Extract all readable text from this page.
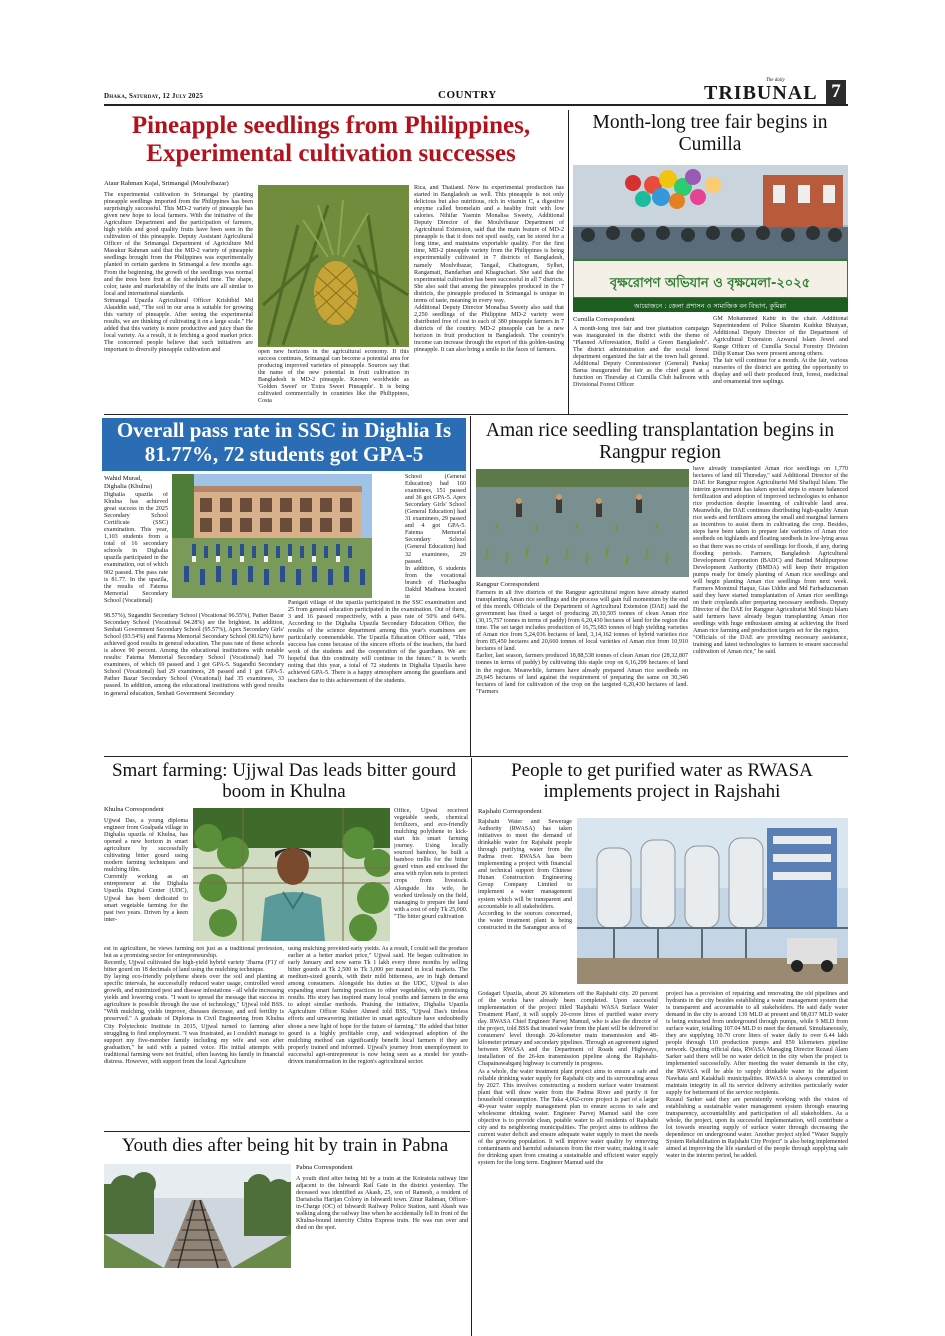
Dhaka, Saturday, 12 July 2025	COUNTRY
The daily
TRIBUNAL 7
Pineapple seedlings from Philippines, Experimental cultivation successes
Ataur Rahman Kajal, Srimangal (Moulvibazar)
The experimental cultivation in Srimangal by planting pineapple seedlings imported from the Philippines has been surprisingly successful. This MD-2 variety of pineapple has given new hope to local farmers. With the initiative of the Agriculture Department and the participation of farmers, high yields and good quality fruits have been seen in the cultivation of this pineapple. Deputy Assistant Agricultural Officer of the Srimangal Department of Agriculture Md Masukur Rahman said that the MD-2 variety of pineapple seedlings brought from the Philippines was experimentally planted in certain gardens in Srimangal a few months ago. From the beginning, the growth of the seedlings was normal and the trees bore fruit at the scheduled time. The shape, color, taste and marketability of the fruits are all similar to local and international standards.
Srimangal Upazila Agricultural Officer Krishibid Md Alauddin said, "The soil in our area is suitable for growing this variety of pineapple. After seeing the experimental results, we are thinking of cultivating it on a large scale." He added that this variety is more productive and juicy than the local variety. As a result, it is fetching a good market price. The concerned people believe that such initiatives are important to diversify pineapple cultivation and	open new horizons in the agricultural economy. If this success continues, Srimangal can become a potential area for producing improved varieties of pineapple. Sources say that the name of the new potential in fruit cultivation in Bangladesh is MD-2 pineapple. Known worldwide as 'Golden Sweet' or 'Extra Sweet Pineapple'. It is being cultivated commercially in countries like the Philippines, Costa
Rica, and Thailand. Now its experimental production has started in Bangladesh as well. This pineapple is not only delicious but also nutritious, rich in vitamin C, a digestive enzyme called bromelain and a healthy fruit with low calories. Nihifar Yasmin Monalisa Sweety, Additional Deputy Director of the Moulvibazar Department of Agricultural Extension, said that the main feature of MD-2 pineapple is that it does not spoil easily, can be stored for a long time, and maintains exportable quality. For the first time, MD-2 pineapple variety from the Philippines is being experimentally cultivated in 7 districts of Bangladesh, namely Moulvibazar, Tangail, Chattogram, Sylhet, Rangamati, Bandarban and Khagrachari. She said that the experimental cultivation has been successful in all 7 districts. She also said that among the pineapples produced in the 7 districts, the pineapple produced in Srimangal is unique in terms of taste, meaning in every way.
Additional Deputy Director Monalisa Sweety also said that 2,250 seedlings of the Philippine MD-2 variety were distributed free of cost to each of 380 pineapple farmers in 7 districts of the country. MD-2 pineapple can be a new horizon in fruit production in Bangladesh. The country's income can increase through the export of this golden-tasting pineapple. It can also bring a smile to the faces of farmers.
Month-long tree fair begins in Cumilla
বৃক্ষরোপণ অভিযান ও বৃক্ষমেলা-২০২৫
আয়োজনে : জেলা প্রশাসন ও সামাজিক বন বিভাগ, কুমিল্লা
Cumilla Correspondent
A month-long tree fair and tree plantation campaign was inaugurated in the district with the theme of "Planned Afforestation, Build a Green Bangladesh". The district administration and the social forest department organized the fair at the town hall ground. Additional Deputy Commissioner (General) Pankaj Barua inaugurated the fair as the chief guest at a function on Thursday at Cumilla Club hallroom with Divisional Forest Officer
GM Mohammed Kabir in the chair. Additional Superintendent of Police Shamim Kudduz Bhuiyan, Additional Deputy Director of the Department of Agricultural Extension Azwarul Islam Jewel and Range Officer of Cumilla Social Forestry Division Dilip Kumar Das were present among others.
The fair will continue for a month. At the fair, various nurseries of the district are getting the opportunity to display and sell their produced fruit, forest, medicinal and ornamental tree saplings.
Overall pass rate in SSC in Dighlia Is 81.77%, 72 students got GPA-5
Wahid Murad, Dighalia (Khulna)
Dighalia upazila of Khulna has achieved great success in the 2025 Secondary School Certificate (SSC) examination. This year, 1,103 students from a total of 16 secondary schools in Dighalia upazila participated in the examination, out of which 902 passed. The pass rate is 81.77. In the upazila, the results of Fatema Memorial Secondary School (Vocational)
School (General Education) had 160 examinees, 151 passed and 36 got GPA-5. Apex Secondary Girls' School (General Education) had 31 examinees, 29 passed and 4 got GPA-5. Fatema Memorial Secondary School (General Education) had 32 examinees, 29 passed.
In addition, 6 students from the vocational branch of Hazbaagha Dakhil Madrasa located in
98.57%), Sugandhi Secondary School (Vocational 96.55%), Pather Bazar Secondary School (Vocational 94.28%) are the brightest. In addition, Senhati Government Secondary School (95.57%), Apex Secondary Girls' School (93.54%) and Fatema Memorial Secondary School (90.62%) have achieved good results in general education. The pass rate of these schools is above 90 percent. Among the educational institutions with notable results: Fatema Memorial Secondary School (Vocational) had 70 examinees, of which 69 passed and 1 got GPA-5. Sugandhi Secondary School (Vocational) had 29 examinees, 28 passed and 1 got GPA-5. Pather Bazar Secondary School (Vocational) had 35 examinees, 33 passed. In addition, among the educational institutions with good results in general education, Senhati Government Secondary
Panigati village of the upazila participated in the SSC examination and 25 from general education participated in the examination. Out of them, 3 and 16 passed respectively, with a pass rate of 50% and 64%. According to the Dighalia Upazila Secondary Education Office, the results of the science department among this year's examinees are particularly commendable. The Upazila Education Officer said, "This success has come because of the sincere efforts of the teachers, the hard work of the students and the cooperation of the guardians. We are hopeful that this continuity will continue in the future." It is worth noting that this year, a total of 72 students in Dighalia Upazila have achieved GPA-5. There is a happy atmosphere among the guardians and teachers due to this achievement of the students.
Aman rice seedling transplantation begins in Rangpur region
Rangpur Correspondent
Farmers in all five districts of the Rangpur agricultural region have already started transplanting Aman rice seedlings and the process will gain full momentum by the end of this month. Officials of the Department of Agricultural Extension (DAE) said the government has fixed a target of producing 20,10,505 tonnes of clean Aman rice (30,15,757 tonnes in terms of paddy) from 6,20,430 hectares of land for the region this time. The set target includes production of 16,75,683 tonnes of high yielding varieties of Aman rice from 5,24,036 hectares of land, 3,14,162 tonnes of hybrid varieties rice from 85,450 hectares and 20,660 tonnes of local varieties of Aman rice from 10,910 hectares of land.
Earlier, last season, farmers produced 18,88,538 tonnes of clean Aman rice (28,32,807 tonnes in terms of paddy) by cultivating this staple crop on 6,16,299 hectares of land in the region. Meanwhile, farmers have already prepared Aman rice seedbeds on 29,645 hectares of land against the requirement of preparing the same on 30,346 hectares of land for cultivation of the crop on the targeted 6,20,430 hectares of land. "Farmers
have already transplanted Aman rice seedlings on 1,770 hectares of land till Thursday," said Additional Director of the DAE for Rangpur region Agriculturist Md Shafiqul Islam. The interim government has taken special steps to ensure balanced fertilization and adoption of improved technologies to enhance rice production despite lessening of cultivable land area. Meanwhile, the DAE continues distributing high-quality Aman rice seeds and fertilizers among the small and marginal farmers as incentives to assist them in cultivating the crop. Besides, steps have been taken to prepare late varieties of Aman rice seedbeds on highlands and floating seedbeds in low-lying areas so that there was no crisis of seedlings for floods, if any, during flooding periods. Farmers, Bangladesh Agricultural Development Corporation (BADC) and Barind Multipurpose Development Authority (BMDA) will keep their irrigation pumps ready for timely planting of Aman rice seedlings and will begin planting Aman rice seedlings from next week. Farmers Mominul Haque, Gias Uddin and Md Farhaduzzaman said they have started transplantation of Aman rice seedlings on their croplands after preparing necessary seedbeds. Deputy Director of the DAE for Rangpur Agriculturist Md Siraju Islam said farmers have already begun transplanting Aman rice seedlings with huge enthusiasm aiming at achieving the fixed Aman rice farming and production targets set for the region.
"Officials of the DAE are providing necessary assistance, training and latest technologies to farmers to ensure successful cultivation of Aman rice," he said.
Smart farming: Ujjwal Das leads bitter gourd boom in Khulna
Khulna Correspondent
Ujjwal Das, a young diploma engineer from Goalpada village in Dighalia upazila of Khulna, has opened a new horizon in smart agriculture by successfully cultivating bitter gourd using modern farming techniques and mulching film.
Currently working as an entrepreneur at the Dighalia Upazila Digital Center (UDC), Ujjwal has been dedicated to smart vegetable farming for the past two years. Driven by a keen inter-
Office, Ujjwal received vegetable seeds, chemical fertilizers, and eco-friendly mulching polythene to kick-start his smart farming journey. Using locally sourced bamboo, he built a bamboo trellis for the bitter gourd vines and enclosed the area with nylon nets to protect crops from livestock. Alongside his wife, he worked tirelessly on the field, managing to prepare the land with a cost of only Tk 25,000.
"The bitter gourd cultivation
est in agriculture, he views farming not just as a traditional profession, but as a promising sector for entrepreneurship.
Recently, Ujjwal cultivated the high-yield hybrid variety 'Jharna (F1)' of bitter gourd on 18 decimals of land using the mulching technique.
By laying eco-friendly polythene sheets over the soil and planting at specific intervals, he successfully reduced water usage, controlled weed growth, and minimized pest and disease infestations - all while increasing yields and lowering costs. "I want to spread the message that success in agriculture is possible through the use of technology," Ujjwal told BSS. "With mulching, yields improve, diseases decrease, and soil fertility is preserved." A graduate of Diploma in Civil Engineering from Khulna City Polytechnic Institute in 2015, Ujjwal turned to farming after struggling to find employment. "I was frustrated, as I couldn't manage to support my five-member family including my wife and son after graduation," he said with a pained voice. His initial attempts with traditional farming were not fruitful, often leaving his family in financial distress. However, with support from the local Agriculture
using mulching provided early yields. As a result, I could sell the produce earlier at a better market price," Ujjwal said. He began cultivation in early January and now earns Tk 1 lakh every three months by selling bitter gourds at Tk 2,500 to Tk 3,000 per maund in local markets. The medium-sized gourds, with their mild bitterness, are in high demand among consumers. Alongside his duties at the UDC, Ujjwal is also expanding smart farming practices to other vegetables, with promising results. His story has inspired many local youths and farmers in the area to adopt similar methods. Praising the initiative, Dighalia Upazila Agriculture Officer Kishor Ahmed told BSS, "Ujjwal Das's tireless efforts and unwavering initiative in smart agriculture have undoubtedly shone a new light of hope for the future of farming." He added that bitter gourd is a highly profitable crop, and widespread adoption of the mulching method can significantly benefit local farmers if they are properly trained and informed. Ujjwal's journey from unemployment to successful agri-entrepreneur is now being seen as a model for youth-driven transformation in the region's agricultural sector.
Youth dies after being hit by train in Pabna
Pabna Correspondent
A youth died after being hit by a train at the Koiratola railway line adjacent to the Ishwardi Rail Gate in the district yesterday. The deceased was identified as Akash, 25, son of Ramesh, a resident of Dariaischa Harijan Colony in Ishwardi town. Zinur Rahman, Officer-in-Charge (OC) of Ishwardi Railway Police Station, said Akash was walking along the railway line when he accidentally fell in front of the Khulna-bound intercity Chitra Express train. He was run over and died on the spot.
People to get purified water as RWASA implements project in Rajshahi
Rajshahi Correspondent
Rajshahi Water and Sewerage Authority (RWASA) has taken initiatives to meet the demand of drinkable water for Rajshahi people through purifying water from the Padma river. RWASA has been implementing a project with financial and technical support from Chinese Hunan Construction Engineering Group Company Limited to implement a water management system which will be transparent and accountable to all stakeholders.
According to the sources concerned, the water treatment plant is being constructed in the Sarangpur area of
Godagari Upazila, about 26 kilometers off the Rajshahi city. 20 percent of the works have already been completed. Upon successful implementation of the project titled 'Rajshahi WASA Surface Water Treatment Plant', it will supply 20-crore litres of purified water every day. RWASA Chief Engineer Parvej Mamud, who is also the director of the project, told BSS that treated water from the plant will be delivered to consumers' level through 26-kilometer main transmission and 48-kilometer primary and secondary pipelines. Through an agreement signed between RWASA and the Department of Roads and Highways, installation of the 26-km transmission pipeline along the Rajshahi-Chapainawabganj highway is currently in progress.
As a whole, the water treatment plant project aims to ensure a safe and reliable drinking water supply for Rajshahi city and its surrounding areas by 2027. This involves constructing a modern surface water treatment plant that will draw water from the Padma River and purify it for household consumption. The Taka 4,062-crore project is part of a larger 40-year water supply management plan to ensure access to safe and wholesome drinking water. Engineer Parvej Mamud said the core objective is to provide clean, potable water to all residents of Rajshahi city and its neighboring municipalities. The project aims to address the current water deficit and ensure adequate water supply to meet the needs of the growing population. It will improve water quality by removing contaminants and harmful substances from the river water, making it safe for drinking apart from creating a sustainable and efficient water supply system for the long term. Engineer Mamud said the
project has a provision of repairing and renovating the old pipelines and hydrants in the city besides establishing a water management system that is transparent and accountable to all stakeholders. He said daily water demand in the city is around 130 MLD at present and 98,037 MLD water is being extracted from underground through pumps, while 9 MLD from surface water, totalling 107.04 MLD to meet the demand. Simultaneously, they are supplying 10.70 crore liters of water daily to over 6.44 lakh people through 110 production pumps and 859 kilometers pipeline network. Quoting official data, RWASA Managing Director Rezaul Alam Sarker said there will be no water deficit in the city when the project is implemented successfully. After meeting the water demands in the city, the RWASA will be able to supply drinkable water to the adjacent Nawhata and Katakhali municipalities. RWASA is always committed to maintain integrity in all its service delivery activities particularly water supply for betterment of the service recipients.
Rezaul Sarker said they are persistently working with the vision of establishing a sustainable water management system through ensuring transparency, accountability and participation of all stakeholders. As a whole, the project, upon its successful implementation, will contribute a lot towards ensuring supply of surface water through decreasing the dependence on underground water. Another project styled "Water Supply System Rehabilitation in Rajshahi City Project" is also being implemented aimed at improving the life standard of the people through supplying safe water in the interim period, he added.
